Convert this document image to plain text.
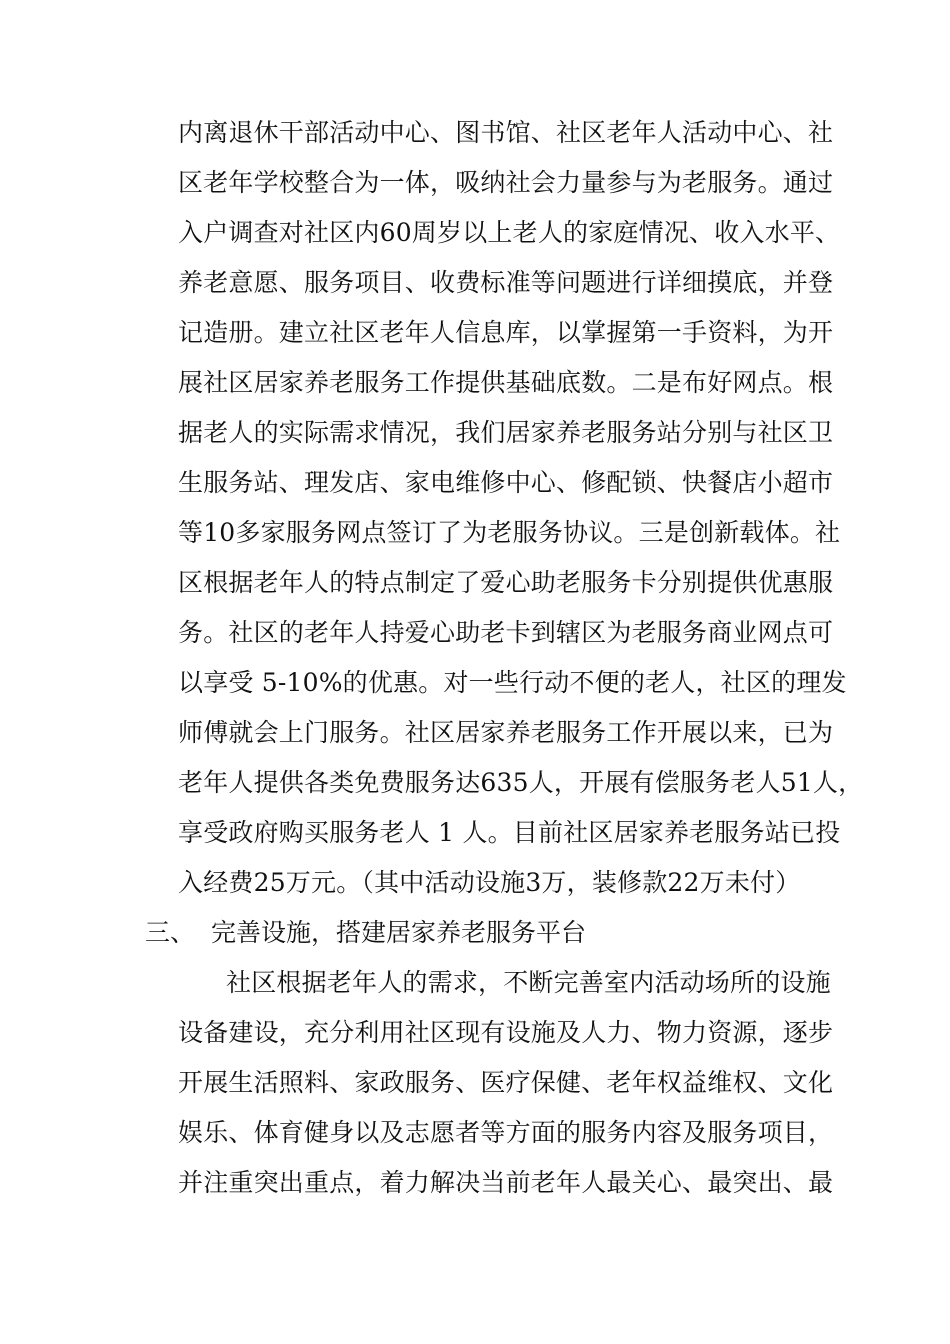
内离退休干部活动中心、图书馆、社区老年人活动中心、社
区老年学校整合为一体，吸纳社会力量参与为老服务。通过
入户调查对社区内60周岁以上老人的家庭情况、收入水平、
养老意愿、服务项目、收费标准等问题进行详细摸底，并登
记造册。建立社区老年人信息库，以掌握第一手资料，为开
展社区居家养老服务工作提供基础底数。二是布好网点。根
据老人的实际需求情况，我们居家养老服务站分别与社区卫
生服务站、理发店、家电维修中心、修配锁、快餐店小超市
等10多家服务网点签订了为老服务协议。三是创新载体。社
区根据老年人的特点制定了爱心助老服务卡分别提供优惠服
务。社区的老年人持爱心助老卡到辖区为老服务商业网点可
以享受 5-10%的优惠。对一些行动不便的老人，社区的理发
师傅就会上门服务。社区居家养老服务工作开展以来，已为
老年人提供各类免费服务达635人，开展有偿服务老人51人，
享受政府购买服务老人 1 人。目前社区居家养老服务站已投
入经费25万元。（其中活动设施3万，装修款22万未付）
三、 完善设施，搭建居家养老服务平台
社区根据老年人的需求，不断完善室内活动场所的设施
设备建设，充分利用社区现有设施及人力、物力资源，逐步
开展生活照料、家政服务、医疗保健、老年权益维权、文化
娱乐、体育健身以及志愿者等方面的服务内容及服务项目，
并注重突出重点，着力解决当前老年人最关心、最突出、最
